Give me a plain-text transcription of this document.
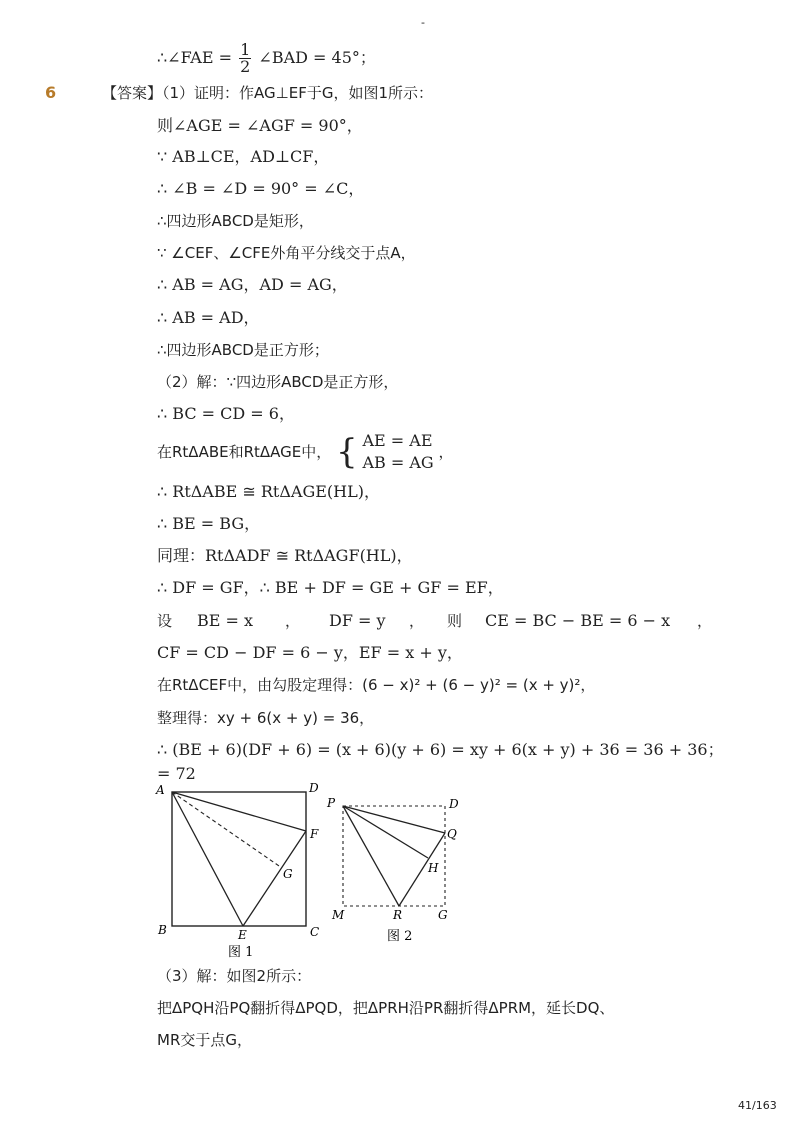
-
∴∠FAE = $\frac{1}{2}$ ∠BAD = 45°；
6	【答案】（1）证明：作AG⊥EF于G，如图1所示：
则∠AGE = ∠AGF = 90°，
∵ AB⊥CE，AD⊥CF，
∴ ∠B = ∠D = 90° = ∠C，
∴四边形ABCD是矩形，
∵ ∠CEF、∠CFE外角平分线交于点A，
∴ AB = AG，AD = AG，
∴ AB = AD，
∴四边形ABCD是正方形；
（2）解：∵四边形ABCD是正方形，
∴ BC = CD = 6，
在RtΔABE和RtΔAGE中， { AE = AE
AB = AG
，
∴ RtΔABE ≅ RtΔAGE(HL)，
∴ BE = BG，
同理：RtΔADF ≅ RtΔAGF(HL)，
∴ DF = GF，∴ BE + DF = GE + GF = EF，
设 BE = x ， DF = y ， 则 CE = BC − BE = 6 − x ，
CF = CD − DF = 6 − y，EF = x + y，
在RtΔCEF中，由勾股定理得：(6 − x)² + (6 − y)² = (x + y)²，
整理得：xy + 6(x + y) = 36，
∴ (BE + 6)(DF + 6) = (x + 6)(y + 6) = xy + 6(x + y) + 36 = 36 + 36；
= 72
A	D
F
G
B	E	C
图 1
P	D
Q
H
R
M	G
图 2
（3）解：如图2所示：
把ΔPQH沿PQ翻折得ΔPQD，把ΔPRH沿PR翻折得ΔPRM，延长DQ、
MR交于点G，
41/163
